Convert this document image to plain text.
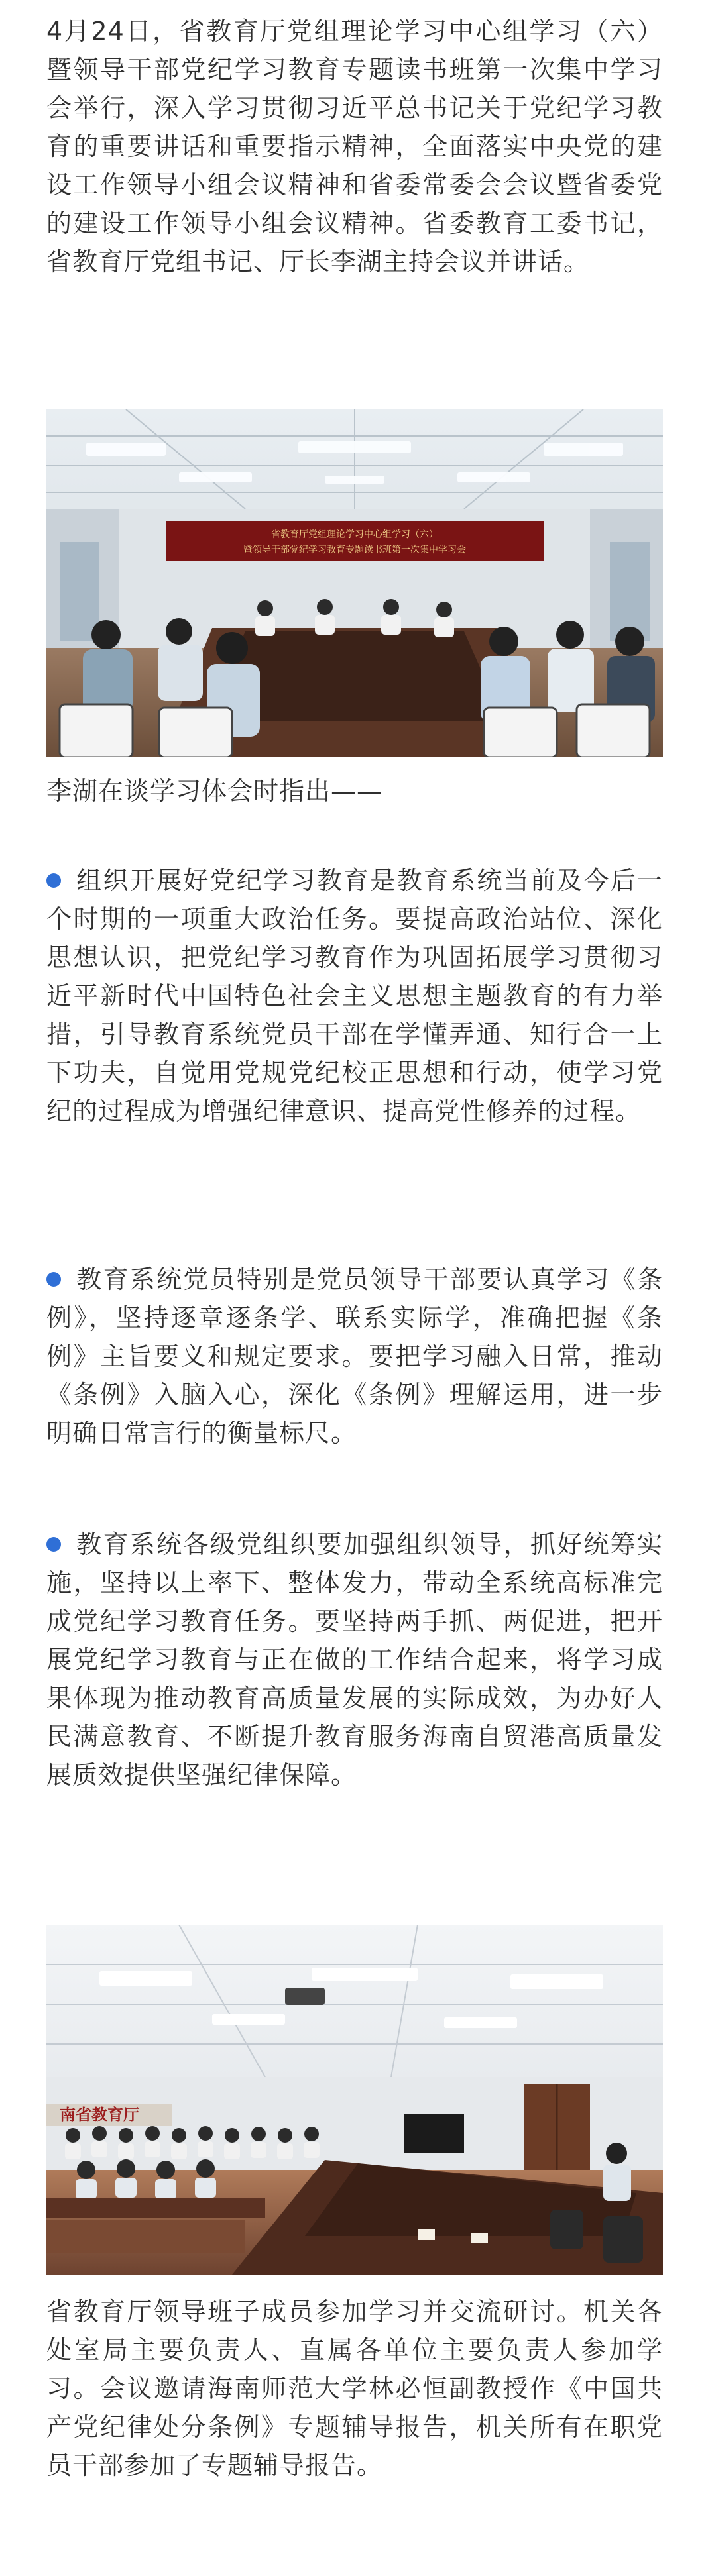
4月24日，省教育厅党组理论学习中心组学习（六）暨领导干部党纪学习教育专题读书班第一次集中学习会举行，深入学习贯彻习近平总书记关于党纪学习教育的重要讲话和重要指示精神，全面落实中央党的建设工作领导小组会议精神和省委常委会会议暨省委党的建设工作领导小组会议精神。省委教育工委书记，省教育厅党组书记、厅长李湖主持会议并讲话。

省教育厅党组理论学习中心组学习（六）
暨领导干部党纪学习教育专题读书班第一次集中学习会

李湖在谈学习体会时指出——

组织开展好党纪学习教育是教育系统当前及今后一个时期的一项重大政治任务。要提高政治站位、深化思想认识，把党纪学习教育作为巩固拓展学习贯彻习近平新时代中国特色社会主义思想主题教育的有力举措，引导教育系统党员干部在学懂弄通、知行合一上下功夫，自觉用党规党纪校正思想和行动，使学习党纪的过程成为增强纪律意识、提高党性修养的过程。

教育系统党员特别是党员领导干部要认真学习《条例》，坚持逐章逐条学、联系实际学，准确把握《条例》主旨要义和规定要求。要把学习融入日常，推动《条例》入脑入心，深化《条例》理解运用，进一步明确日常言行的衡量标尺。

教育系统各级党组织要加强组织领导，抓好统筹实施，坚持以上率下、整体发力，带动全系统高标准完成党纪学习教育任务。要坚持两手抓、两促进，把开展党纪学习教育与正在做的工作结合起来，将学习成果体现为推动教育高质量发展的实际成效，为办好人民满意教育、不断提升教育服务海南自贸港高质量发展质效提供坚强纪律保障。

南省教育厅

省教育厅领导班子成员参加学习并交流研讨。机关各处室局主要负责人、直属各单位主要负责人参加学习。会议邀请海南师范大学林必恒副教授作《中国共产党纪律处分条例》专题辅导报告，机关所有在职党员干部参加了专题辅导报告。
